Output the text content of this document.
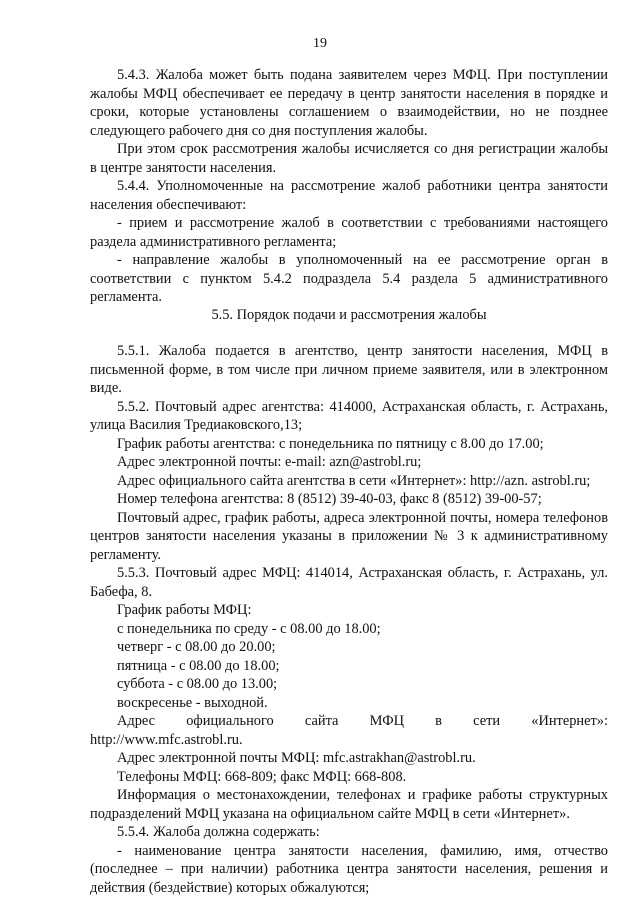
19

5.4.3. Жалоба может быть подана заявителем через МФЦ. При поступлении жалобы МФЦ обеспечивает ее передачу в центр занятости населения в порядке и сроки, которые установлены соглашением о взаимодействии, но не позднее следующего рабочего дня со дня поступления жалобы.

При этом срок рассмотрения жалобы исчисляется со дня регистрации жалобы в центре занятости населения.

5.4.4. Уполномоченные на рассмотрение жалоб работники центра занятости населения обеспечивают:

- прием и рассмотрение жалоб в соответствии с требованиями настоящего раздела административного регламента;

- направление жалобы в уполномоченный на ее рассмотрение орган в соответствии с пунктом 5.4.2 подраздела 5.4 раздела 5 административного регламента.

5.5. Порядок подачи и рассмотрения жалобы

5.5.1. Жалоба подается в агентство, центр занятости населения, МФЦ в письменной форме, в том числе при личном приеме заявителя, или в электронном виде.

5.5.2. Почтовый адрес агентства: 414000, Астраханская область, г. Астрахань, улица Василия Тредиаковского,13;

График работы агентства: с понедельника по пятницу с 8.00 до 17.00;

Адрес электронной почты: e-mail: azn@astrobl.ru;

Адрес официального сайта агентства в сети «Интернет»: http://azn. astrobl.ru;

Номер телефона агентства: 8 (8512) 39-40-03, факс 8 (8512) 39-00-57;

Почтовый адрес, график работы, адреса электронной почты, номера телефонов центров занятости населения указаны в приложении № 3 к административному регламенту.

5.5.3. Почтовый адрес МФЦ: 414014, Астраханская область, г. Астрахань, ул. Бабефа, 8.

График работы МФЦ:

с понедельника по среду - с 08.00 до 18.00;

четверг - с 08.00 до 20.00;

пятница - с 08.00 до 18.00;

суббота - с 08.00 до 13.00;

воскресенье - выходной.

Адрес официального сайта МФЦ в сети «Интернет»:

http://www.mfc.astrobl.ru.

Адрес электронной почты МФЦ: mfc.astrakhan@astrobl.ru.

Телефоны МФЦ: 668-809; факс МФЦ: 668-808.

Информация о местонахождении, телефонах и графике работы структурных подразделений МФЦ указана на официальном сайте МФЦ в сети «Интернет».

5.5.4. Жалоба должна содержать:

- наименование центра занятости населения, фамилию, имя, отчество (последнее – при наличии) работника центра занятости населения, решения и действия (бездействие) которых обжалуются;
